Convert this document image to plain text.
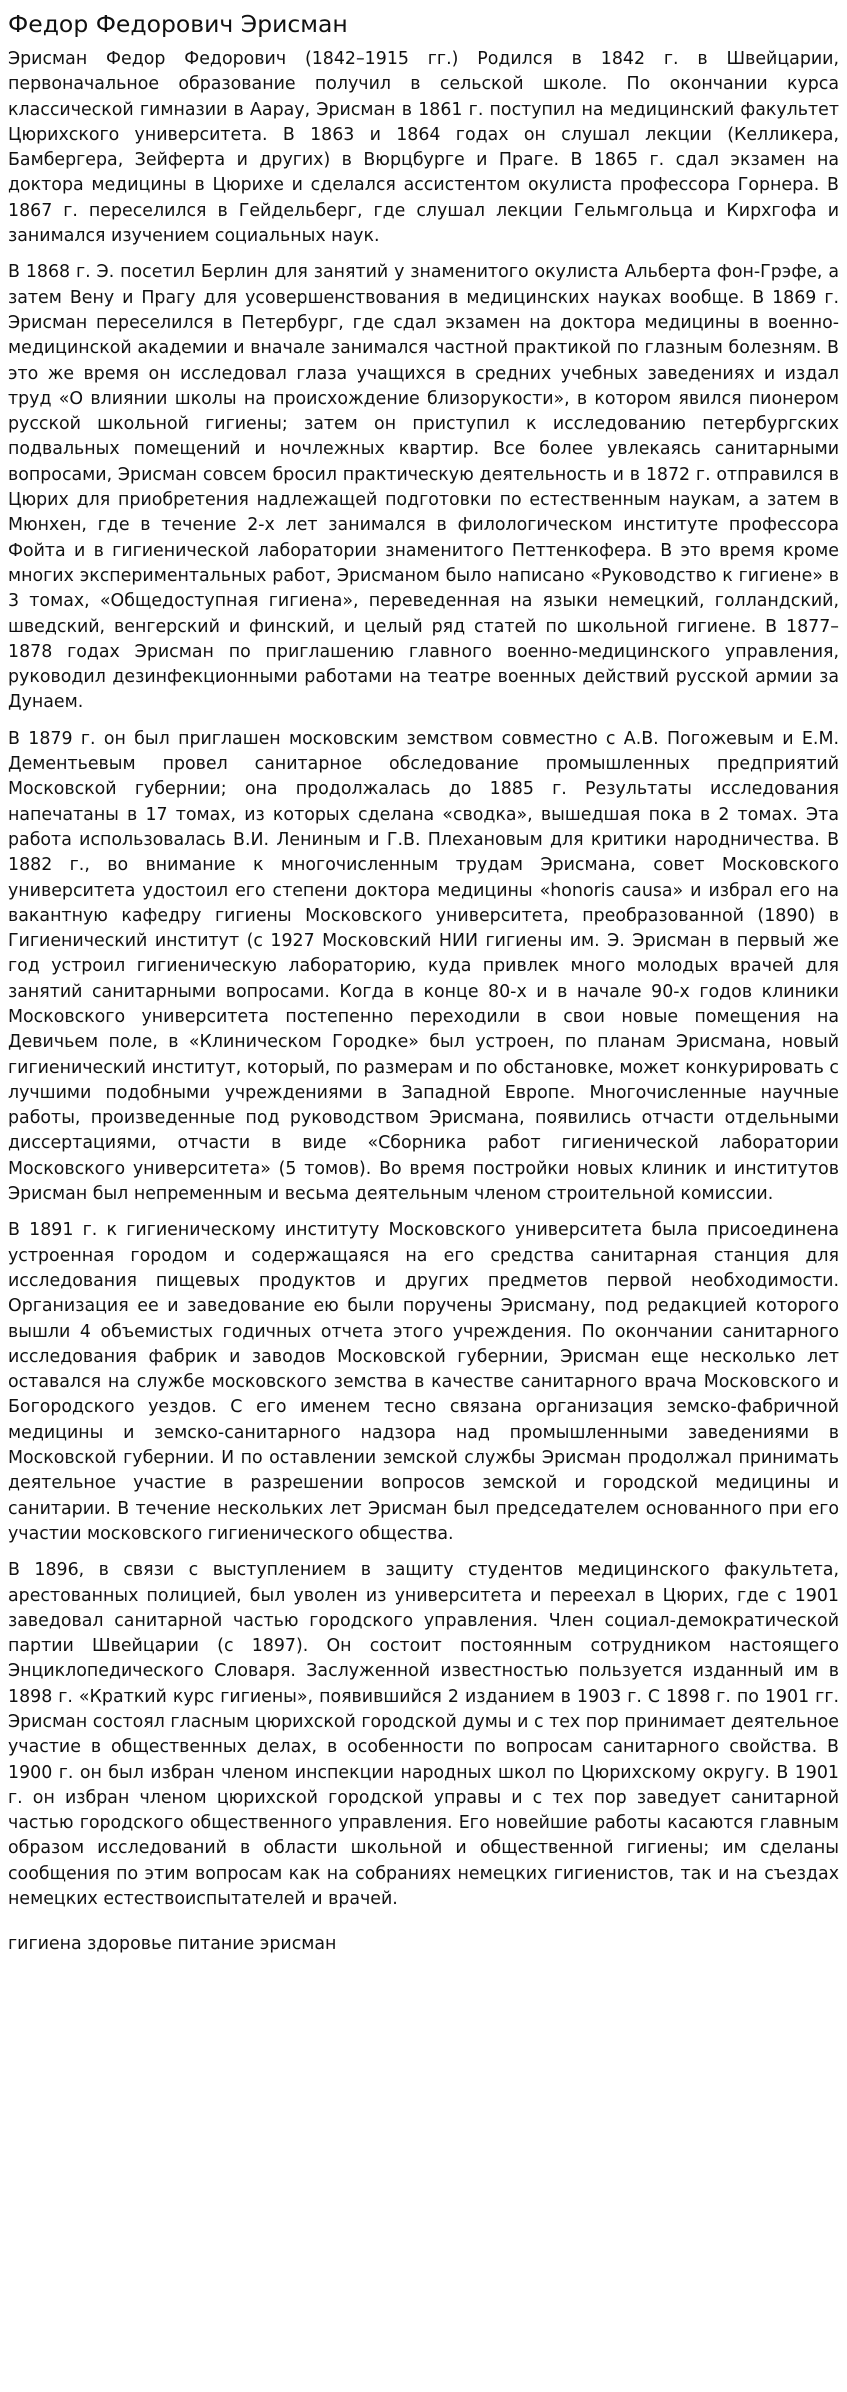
Федор Федорович Эрисман

Эрисман Федор Федорович (1842–1915 гг.) Родился в 1842 г. в Швейцарии, первоначальное образование получил в сельской школе. По окончании курса классической гимназии в Аарау, Эрисман в 1861 г. поступил на медицинский факультет Цюрихского университета. В 1863 и 1864 годах он слушал лекции (Келликера, Бамбергера, Зейферта и других) в Вюрцбурге и Праге. В 1865 г. сдал экзамен на доктора медицины в Цюрихе и сделался ассистентом окулиста профессора Горнера. В 1867 г. переселился в Гейдельберг, где слушал лекции Гельмгольца и Кирхгофа и занимался изучением социальных наук.

В 1868 г. Э. посетил Берлин для занятий у знаменитого окулиста Альберта фон-Грэфе, а затем Вену и Прагу для усовершенствования в медицинских науках вообще. В 1869 г. Эрисман переселился в Петербург, где сдал экзамен на доктора медицины в военно-медицинской академии и вначале занимался частной практикой по глазным болезням. В это же время он исследовал глаза учащихся в средних учебных заведениях и издал труд «О влиянии школы на происхождение близорукости», в котором явился пионером русской школьной гигиены; затем он приступил к исследованию петербургских подвальных помещений и ночлежных квартир. Все более увлекаясь санитарными вопросами, Эрисман совсем бросил практическую деятельность и в 1872 г. отправился в Цюрих для приобретения надлежащей подготовки по естественным наукам, а затем в Мюнхен, где в течение 2-х лет занимался в филологическом институте профессора Фойта и в гигиенической лаборатории знаменитого Петтенкофера. В это время кроме многих экспериментальных работ, Эрисманом было написано «Руководство к гигиене» в 3 томах, «Общедоступная гигиена», переведенная на языки немецкий, голландский, шведский, венгерский и финский, и целый ряд статей по школьной гигиене. В 1877–1878 годах Эрисман по приглашению главного военно-медицинского управления, руководил дезинфекционными работами на театре военных действий русской армии за Дунаем.

В 1879 г. он был приглашен московским земством совместно с А.В. Погожевым и Е.М. Дементьевым провел санитарное обследование промышленных предприятий Московской губернии; она продолжалась до 1885 г. Результаты исследования напечатаны в 17 томах, из которых сделана «сводка», вышедшая пока в 2 томах. Эта работа использовалась В.И. Лениным и Г.В. Плехановым для критики народничества. В 1882 г., во внимание к многочисленным трудам Эрисмана, совет Московского университета удостоил его степени доктора медицины «honoris causa» и избрал его на вакантную кафедру гигиены Московского университета, преобразованной (1890) в Гигиенический институт (с 1927 Московский НИИ гигиены им. Э. Эрисман в первый же год устроил гигиеническую лабораторию, куда привлек много молодых врачей для занятий санитарными вопросами. Когда в конце 80-х и в начале 90-х годов клиники Московского университета постепенно переходили в свои новые помещения на Девичьем поле, в «Клиническом Городке» был устроен, по планам Эрисмана, новый гигиенический институт, который, по размерам и по обстановке, может конкурировать с лучшими подобными учреждениями в Западной Европе. Многочисленные научные работы, произведенные под руководством Эрисмана, появились отчасти отдельными диссертациями, отчасти в виде «Сборника работ гигиенической лаборатории Московского университета» (5 томов). Во время постройки новых клиник и институтов Эрисман был непременным и весьма деятельным членом строительной комиссии.

В 1891 г. к гигиеническому институту Московского университета была присоединена устроенная городом и содержащаяся на его средства санитарная станция для исследования пищевых продуктов и других предметов первой необходимости. Организация ее и заведование ею были поручены Эрисману, под редакцией которого вышли 4 объемистых годичных отчета этого учреждения. По окончании санитарного исследования фабрик и заводов Московской губернии, Эрисман еще несколько лет оставался на службе московского земства в качестве санитарного врача Московского и Богородского уездов. С его именем тесно связана организация земско-фабричной медицины и земско-санитарного надзора над промышленными заведениями в Московской губернии. И по оставлении земской службы Эрисман продолжал принимать деятельное участие в разрешении вопросов земской и городской медицины и санитарии. В течение нескольких лет Эрисман был председателем основанного при его участии московского гигиенического общества.

В 1896, в связи с выступлением в защиту студентов медицинского факультета, арестованных полицией, был уволен из университета и переехал в Цюрих, где с 1901 заведовал санитарной частью городского управления. Член социал-демократической партии Швейцарии (с 1897). Он состоит постоянным сотрудником настоящего Энциклопедического Словаря. Заслуженной известностью пользуется изданный им в 1898 г. «Краткий курс гигиены», появившийся 2 изданием в 1903 г. С 1898 г. по 1901 гг. Эрисман состоял гласным цюрихской городской думы и с тех пор принимает деятельное участие в общественных делах, в особенности по вопросам санитарного свойства. В 1900 г. он был избран членом инспекции народных школ по Цюрихскому округу. В 1901 г. он избран членом цюрихской городской управы и с тех пор заведует санитарной частью городского общественного управления. Его новейшие работы касаются главным образом исследований в области школьной и общественной гигиены; им сделаны сообщения по этим вопросам как на собраниях немецких гигиенистов, так и на съездах немецких естествоиспытателей и врачей.

гигиена здоровье питание эрисман
